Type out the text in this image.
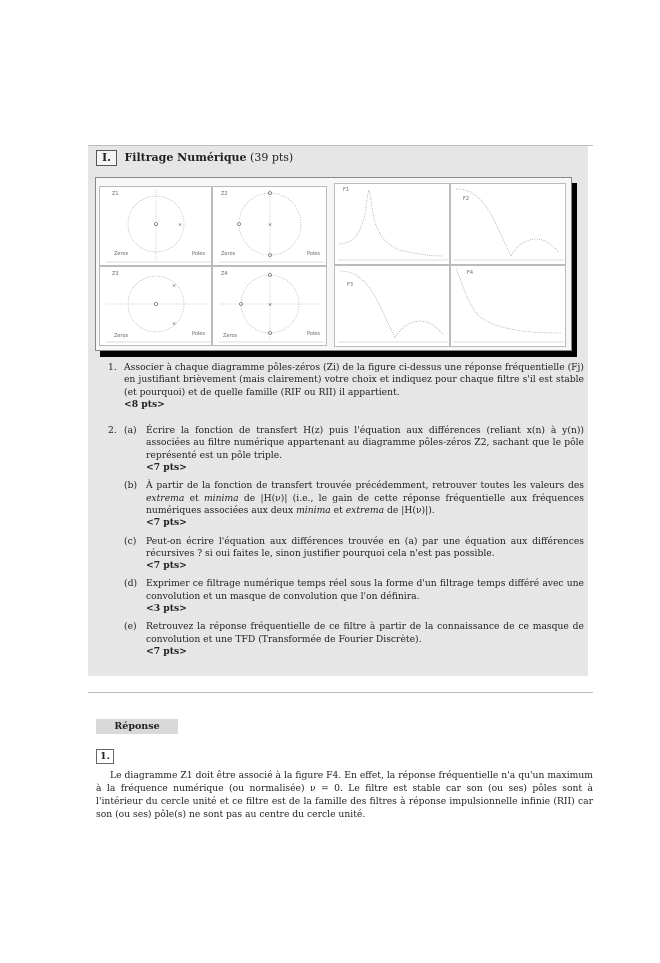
I. Filtrage Numérique (39 pts)
×
Z1
Zeros	Poles
×
Z2
Zeros	Poles
×
×
Z3
Zeros	Poles
×
Z4
Zeros	Poles
F1
F2
F3
F4
1. Associer à chaque diagramme pôles-zéros (Zi) de la figure ci-dessus une réponse fréquentielle (Fj) en justifiant brièvement (mais clairement) votre choix et indiquez pour chaque filtre s'il est stable (et pourquoi) et de quelle famille (RIF ou RII) il appartient.
<8 pts>
2. (a) Écrire la fonction de transfert H(z) puis l'équation aux différences (reliant x(n) à y(n)) associées au filtre numérique appartenant au diagramme pôles-zéros Z2, sachant que le pôle représenté est un pôle triple.
<7 pts>
(b) À partir de la fonction de transfert trouvée précédemment, retrouver toutes les valeurs des extrema et minima de |H(ν)| (i.e., le gain de cette réponse fréquentielle aux fréquences numériques associées aux deux minima et extrema de |H(ν)|).
<7 pts>
(c) Peut-on écrire l'équation aux différences trouvée en (a) par une équation aux différences récursives ? si oui faites le, sinon justifier pourquoi cela n'est pas possible.
<7 pts>
(d) Exprimer ce filtrage numérique temps réel sous la forme d'un filtrage temps différé avec une convolution et un masque de convolution que l'on définira.
<3 pts>
(e) Retrouvez la réponse fréquentielle de ce filtre à partir de la connaissance de ce masque de convolution et une TFD (Transformée de Fourier Discrète).
<7 pts>
Réponse
1.
Le diagramme Z1 doit être associé à la figure F4. En effet, la réponse fréquentielle n'a qu'un maximum à la fréquence numérique (ou normalisée) ν = 0. Le filtre est stable car son (ou ses) pôles sont à l'intérieur du cercle unité et ce filtre est de la famille des filtres à réponse impulsionnelle infinie (RII) car son (ou ses) pôle(s) ne sont pas au centre du cercle unité.
